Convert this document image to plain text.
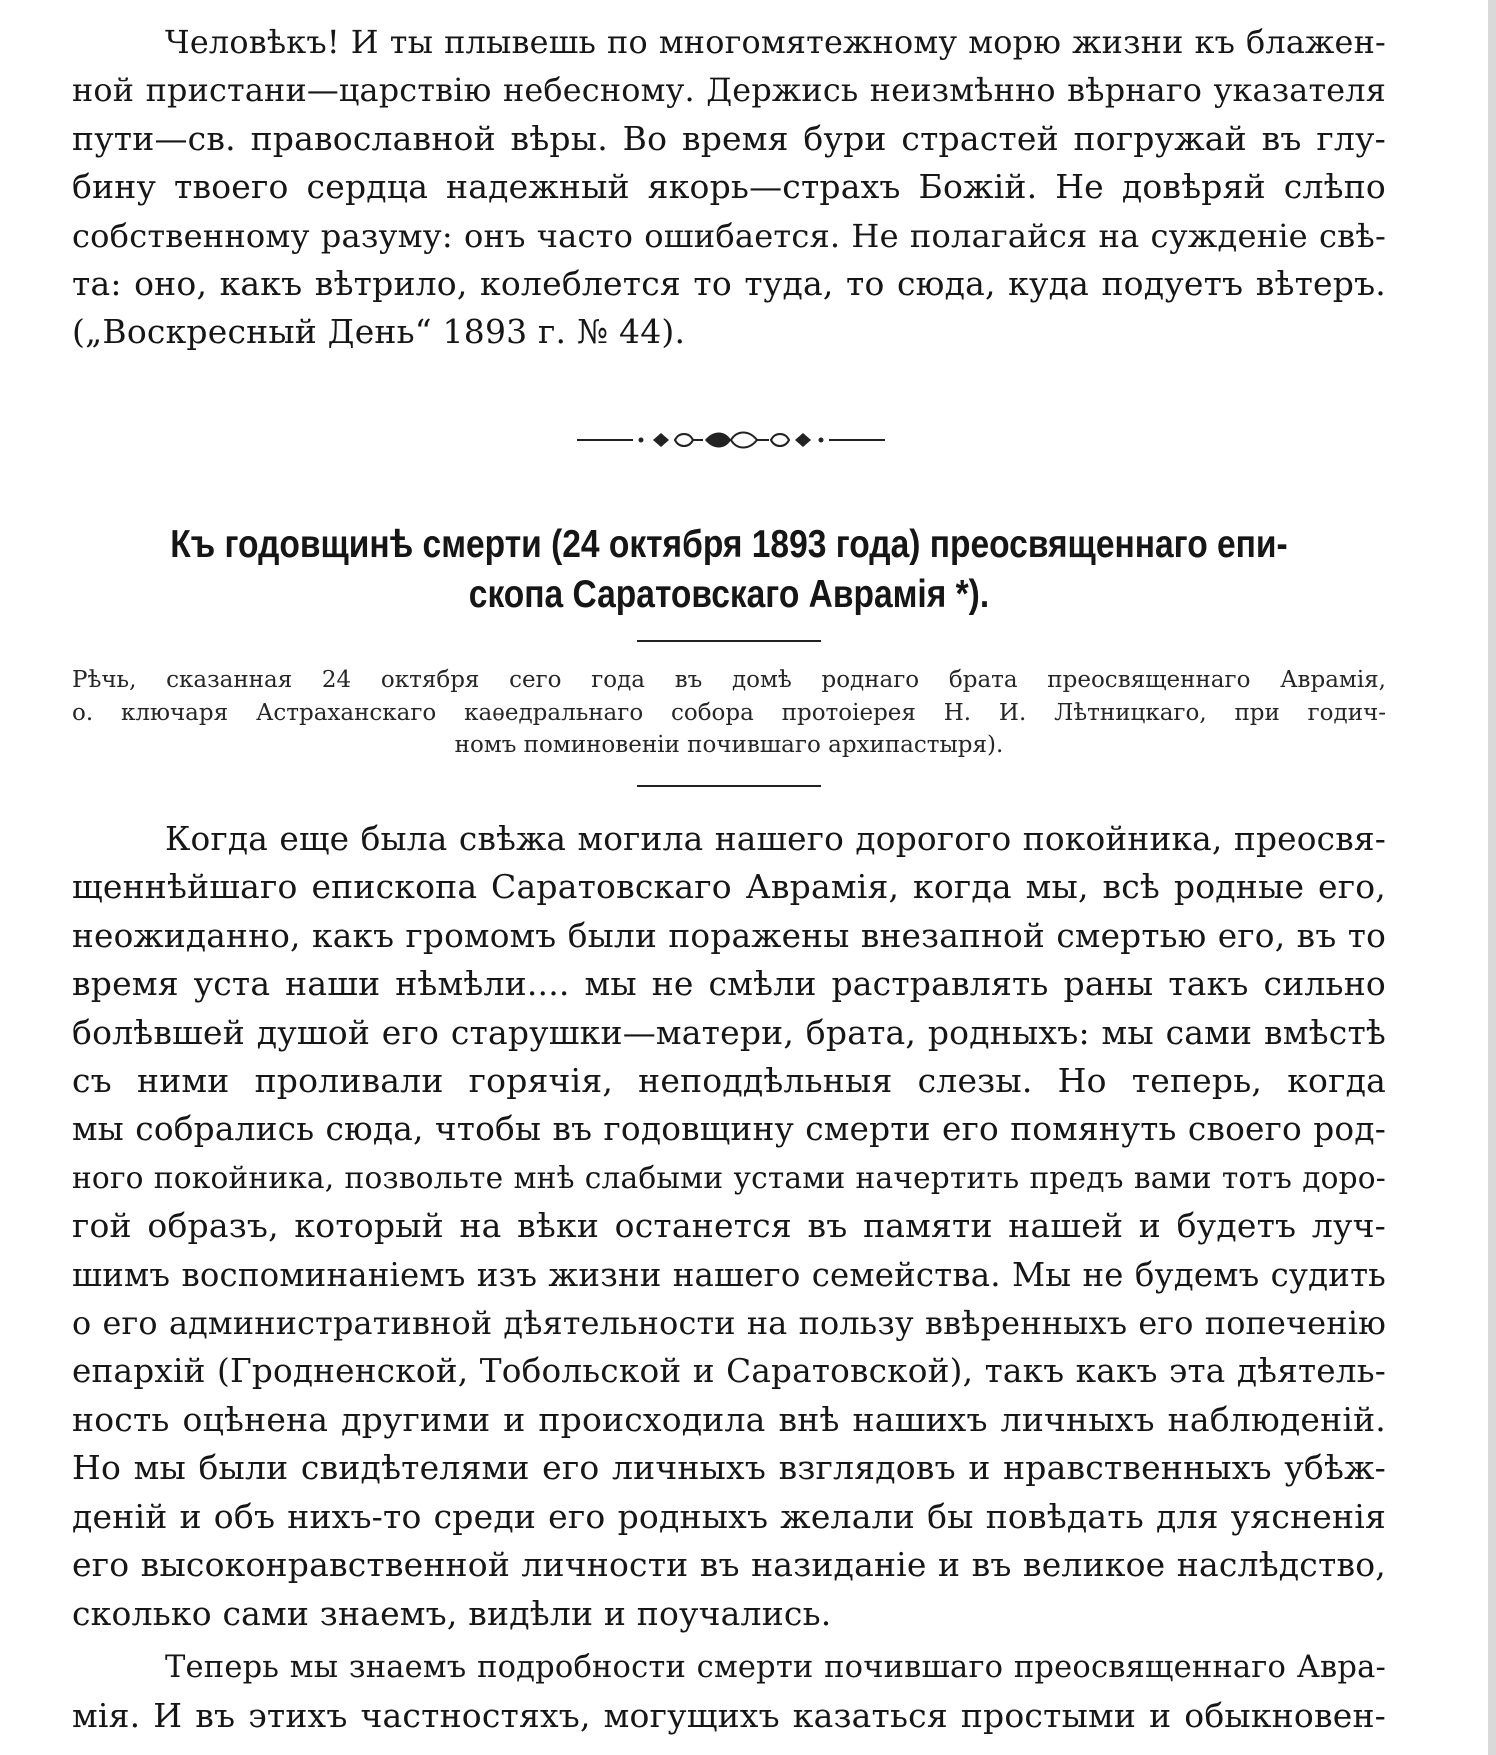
Человѣкъ! И ты плывешь по многомятежному морю жизни къ блажен-
ной пристани—царствію небесному. Держись неизмѣнно вѣрнаго указателя
пути—св. православной вѣры. Во время бури страстей погружай въ глу-
бину твоего сердца надежный якорь—страхъ Божій. Не довѣряй слѣпо
собственному разуму: онъ часто ошибается. Не полагайся на сужденіе свѣ-
та: оно, какъ вѣтрило, колеблется то туда, то сюда, куда подуетъ вѣтеръ.
(„Воскресный День“ 1893 г. № 44).
Къ годовщинѣ смерти (24 октября 1893 года) преосвященнаго епи-
скопа Саратовскаго Аврамія *).
Рѣчь, сказанная 24 октября сего года въ домѣ роднаго брата преосвященнаго Аврамія,
о. ключаря Астраханскаго каѳедральнаго собора протоіерея Н. И. Лѣтницкаго, при годич-
номъ поминовеніи почившаго архипастыря).
Когда еще была свѣжа могила нашего дорогого покойника, преосвя-
щеннѣйшаго епископа Саратовскаго Аврамія, когда мы, всѣ родные его,
неожиданно, какъ громомъ были поражены внезапной смертью его, въ то
время уста наши нѣмѣли.... мы не смѣли растравлять раны такъ сильно
болѣвшей душой его старушки—матери, брата, родныхъ: мы сами вмѣстѣ
съ ними проливали горячія, неподдѣльныя слезы. Но теперь, когда
мы собрались сюда, чтобы въ годовщину смерти его помянуть своего род-
ного покойника, позвольте мнѣ слабыми устами начертить предъ вами тотъ доро-
гой образъ, который на вѣки останется въ памяти нашей и будетъ луч-
шимъ воспоминаніемъ изъ жизни нашего семейства. Мы не будемъ судить
о его административной дѣятельности на пользу ввѣренныхъ его попеченію
епархій (Гродненской, Тобольской и Саратовской), такъ какъ эта дѣятель-
ность оцѣнена другими и происходила внѣ нашихъ личныхъ наблюденій.
Но мы были свидѣтелями его личныхъ взглядовъ и нравственныхъ убѣж-
деній и объ нихъ-то среди его родныхъ желали бы повѣдать для уясненія
его высоконравственной личности въ назиданіе и въ великое наслѣдство,
сколько сами знаемъ, видѣли и поучались.
Теперь мы знаемъ подробности смерти почившаго преосвященнаго Авра-
мія. И въ этихъ частностяхъ, могущихъ казаться простыми и обыкновен-
